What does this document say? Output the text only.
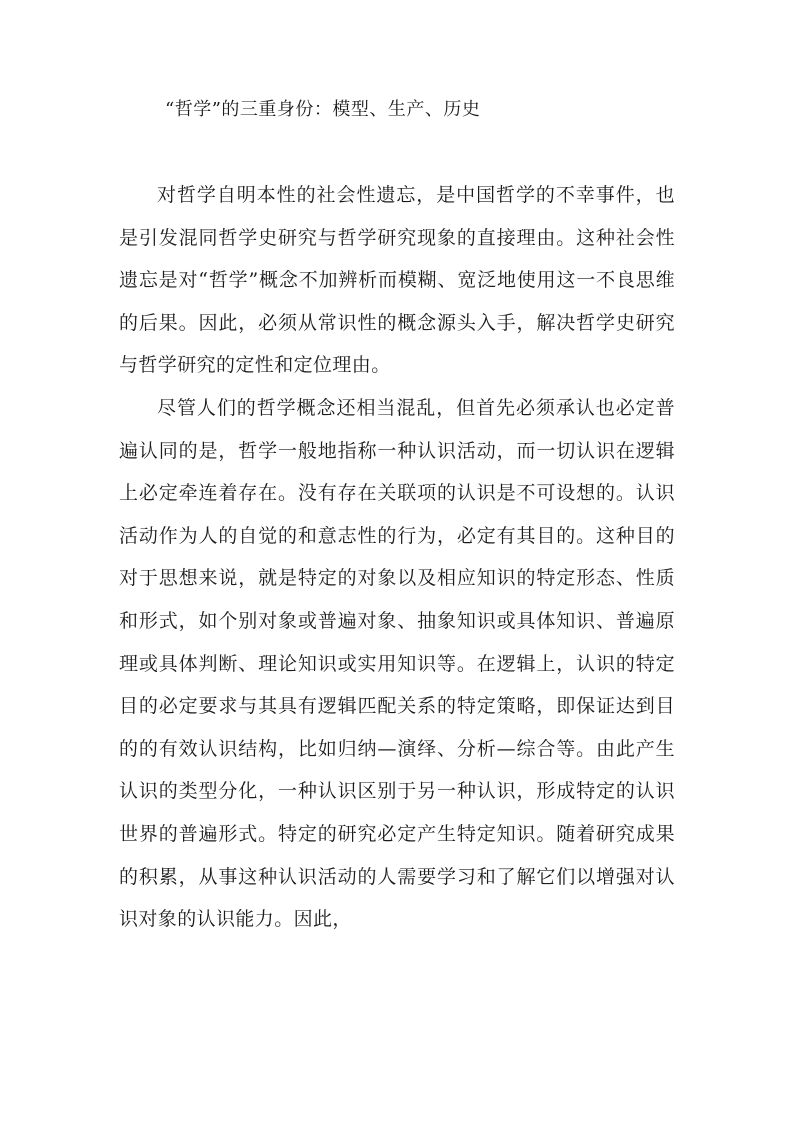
“哲学”的三重身份：模型、生产、历史

对哲学自明本性的社会性遗忘，是中国哲学的不幸事件，也是引发混同哲学史研究与哲学研究现象的直接理由。这种社会性遗忘是对“哲学”概念不加辨析而模糊、宽泛地使用这一不良思维的后果。因此，必须从常识性的概念源头入手，解决哲学史研究与哲学研究的定性和定位理由。

尽管人们的哲学概念还相当混乱，但首先必须承认也必定普遍认同的是，哲学一般地指称一种认识活动，而一切认识在逻辑上必定牵连着存在。没有存在关联项的认识是不可设想的。认识活动作为人的自觉的和意志性的行为，必定有其目的。这种目的对于思想来说，就是特定的对象以及相应知识的特定形态、性质和形式，如个别对象或普遍对象、抽象知识或具体知识、普遍原理或具体判断、理论知识或实用知识等。在逻辑上，认识的特定目的必定要求与其具有逻辑匹配关系的特定策略，即保证达到目的的有效认识结构，比如归纳—演绎、分析—综合等。由此产生认识的类型分化，一种认识区别于另一种认识，形成特定的认识世界的普遍形式。特定的研究必定产生特定知识。随着研究成果的积累，从事这种认识活动的人需要学习和了解它们以增强对认识对象的认识能力。因此，
